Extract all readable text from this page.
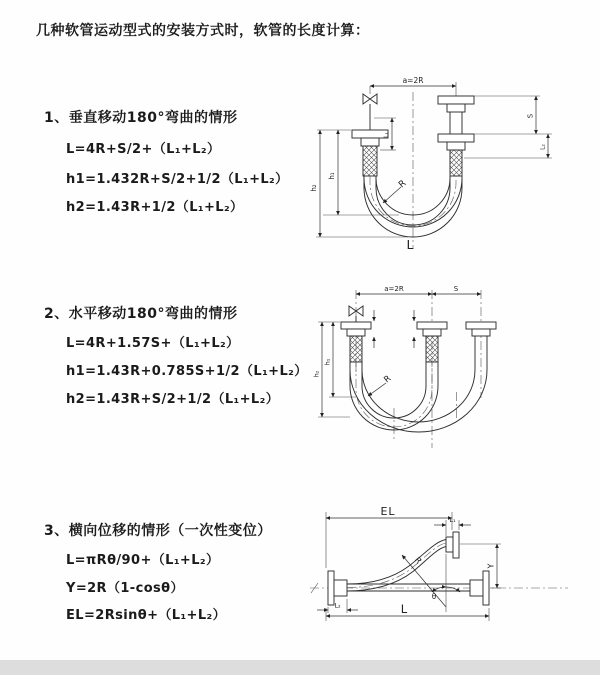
几种软管运动型式的安装方式时，软管的长度计算：
1、垂直移动180°弯曲的情形
L=4R+S/2+（L₁+L₂）
h1=1.432R+S/2+1/2（L₁+L₂）
h2=1.43R+1/2（L₁+L₂）
2、水平移动180°弯曲的情形
L=4R+1.57S+（L₁+L₂）
h1=1.43R+0.785S+1/2（L₁+L₂）
h2=1.43R+S/2+1/2（L₁+L₂）
3、横向位移的情形（一次性变位）
L=πRθ/90+（L₁+L₂）
Y=2R（1-cosθ）
EL=2Rsinθ+（L₁+L₂）
a=2R
h₁
h₂
L₁
S
L₂
R
L
a=2R	S
h₁
h₂	R
EL
L₁
Y
L
L₂
R
θ
